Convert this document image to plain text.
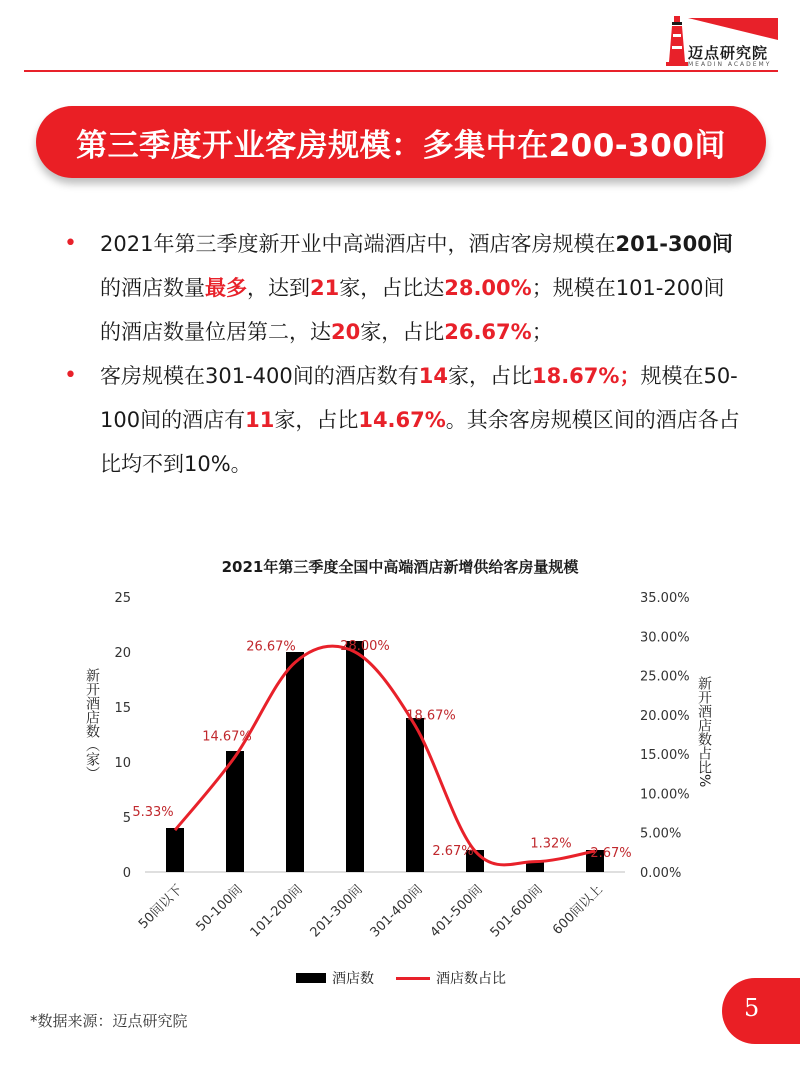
迈点研究院
MEADIN ACADEMY
第三季度开业客房规模：多集中在200-300间
• 2021年第三季度新开业中高端酒店中，酒店客房规模在201-300间的酒店数量最多，达到21家，占比达28.00%；规模在101-200间的酒店数量位居第二，达20家，占比26.67%；
• 客房规模在301-400间的酒店数有14家，占比18.67%；规模在50-100间的酒店有11家，占比14.67%。其余客房规模区间的酒店各占比均不到10%。
2021年第三季度全国中高端酒店新增供给客房量规模
0
5
10
15
20
25
0.00%
5.00%
10.00%
15.00%
20.00%
25.00%
30.00%
35.00%
新开酒店数（家）	新开酒店数占比%
50间以下 50-100间 101-200间 201-300间 301-400间 401-500间 501-600间 600间以上
5.33%
14.67%
26.67%	28.00%
18.67%
2.67%	1.32%
2.67%
酒店数	酒店数占比
*数据来源：迈点研究院	5
